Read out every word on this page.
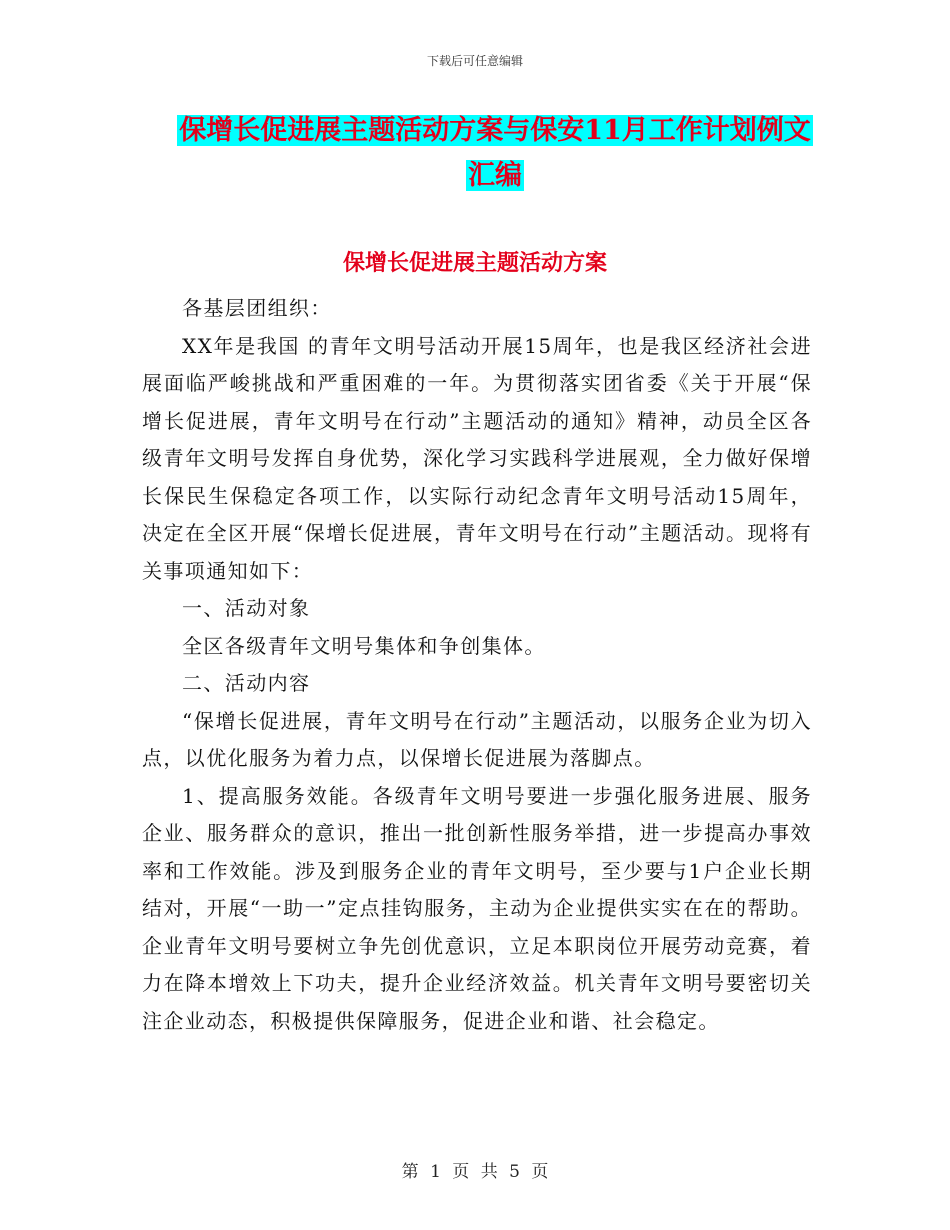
下载后可任意编辑
保增长促进展主题活动方案与保安11月工作计划例文
汇编
保增长促进展主题活动方案

各基层团组织：

XX年是我国 的青年文明号活动开展15周年，也是我区经济社会进展面临严峻挑战和严重困难的一年。为贯彻落实团省委《关于开展“保增长促进展，青年文明号在行动”主题活动的通知》精神，动员全区各级青年文明号发挥自身优势，深化学习实践科学进展观，全力做好保增长保民生保稳定各项工作，以实际行动纪念青年文明号活动15周年，决定在全区开展“保增长促进展，青年文明号在行动”主题活动。现将有关事项通知如下：

一、活动对象

全区各级青年文明号集体和争创集体。

二、活动内容

“保增长促进展，青年文明号在行动”主题活动，以服务企业为切入点，以优化服务为着力点，以保增长促进展为落脚点。

1、提高服务效能。各级青年文明号要进一步强化服务进展、服务企业、服务群众的意识，推出一批创新性服务举措，进一步提高办事效率和工作效能。涉及到服务企业的青年文明号，至少要与1户企业长期结对，开展“一助一”定点挂钩服务，主动为企业提供实实在在的帮助。企业青年文明号要树立争先创优意识，立足本职岗位开展劳动竞赛，着力在降本增效上下功夫，提升企业经济效益。机关青年文明号要密切关注企业动态，积极提供保障服务，促进企业和谐、社会稳定。

第 1 页 共 5 页
